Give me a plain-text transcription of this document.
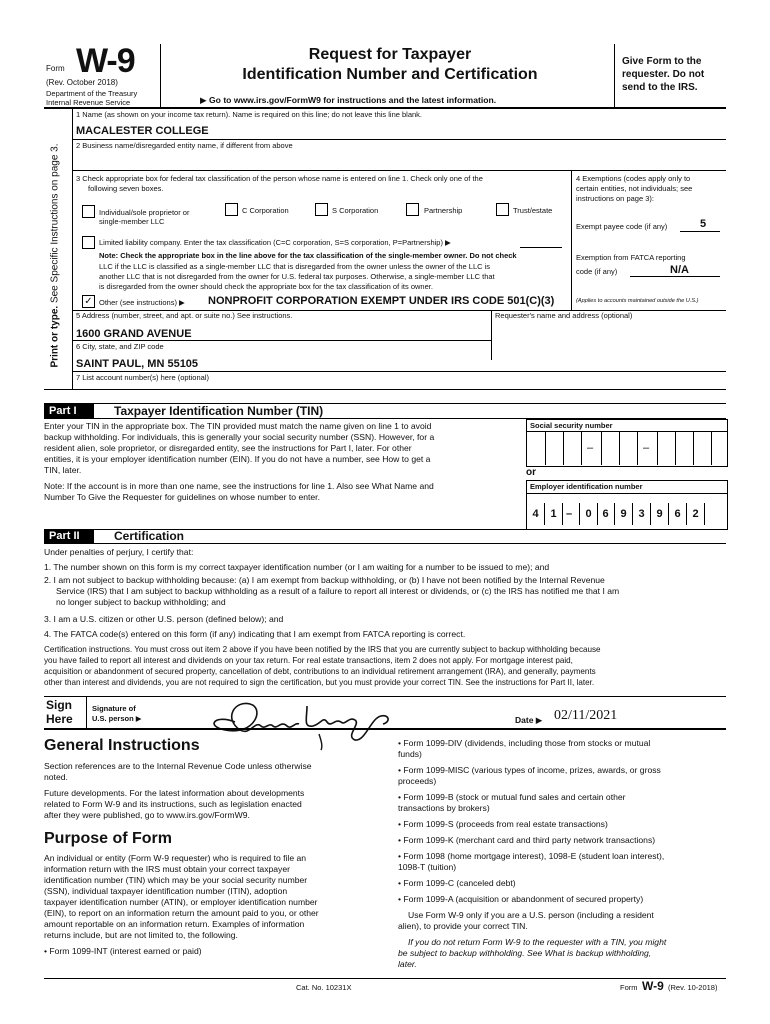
Form W-9
(Rev. October 2018)
Department of the Treasury
Internal Revenue Service
Request for Taxpayer
Identification Number and Certification
▶ Go to www.irs.gov/FormW9 for instructions and the latest information.
Give Form to the
requester. Do not
send to the IRS.
Print or type. See Specific Instructions on page 3.
1 Name (as shown on your income tax return). Name is required on this line; do not leave this line blank.
MACALESTER COLLEGE
2 Business name/disregarded entity name, if different from above
3 Check appropriate box for federal tax classification of the person whose name is entered on line 1. Check only one of the
following seven boxes.
Individual/sole proprietor or
single-member LLC
C Corporation	S Corporation	Partnership	Trust/estate
Limited liability company. Enter the tax classification (C=C corporation, S=S corporation, P=Partnership) ▶
Note: Check the appropriate box in the line above for the tax classification of the single-member owner. Do not check
LLC if the LLC is classified as a single-member LLC that is disregarded from the owner unless the owner of the LLC is
another LLC that is not disregarded from the owner for U.S. federal tax purposes. Otherwise, a single-member LLC that
is disregarded from the owner should check the appropriate box for the tax classification of its owner.
✓ Other (see instructions) ▶ NONPROFIT CORPORATION EXEMPT UNDER IRS CODE 501(C)(3)	(Applies to accounts maintained outside the U.S.)
4 Exemptions (codes apply only to
certain entities, not individuals; see
instructions on page 3):
Exempt payee code (if any)	5
Exemption from FATCA reporting
code (if any)	N/A
5 Address (number, street, and apt. or suite no.) See instructions.	Requester's name and address (optional)
1600 GRAND AVENUE
6 City, state, and ZIP code
SAINT PAUL, MN 55105
7 List account number(s) here (optional)
Part I	Taxpayer Identification Number (TIN)
Enter your TIN in the appropriate box. The TIN provided must match the name given on line 1 to avoid
backup withholding. For individuals, this is generally your social security number (SSN). However, for a
resident alien, sole proprietor, or disregarded entity, see the instructions for Part I, later. For other
entities, it is your employer identification number (EIN). If you do not have a number, see How to get a
TIN, later.
Note: If the account is in more than one name, see the instructions for line 1. Also see What Name and
Number To Give the Requester for guidelines on whose number to enter.
Social security number
–	–
or
Employer identification number
4	1 –	0 6	9	3	9	6	2
Part II	Certification
Under penalties of perjury, I certify that:
1. The number shown on this form is my correct taxpayer identification number (or I am waiting for a number to be issued to me); and
2. I am not subject to backup withholding because: (a) I am exempt from backup withholding, or (b) I have not been notified by the Internal Revenue
Service (IRS) that I am subject to backup withholding as a result of a failure to report all interest or dividends, or (c) the IRS has notified me that I am
no longer subject to backup withholding; and
3. I am a U.S. citizen or other U.S. person (defined below); and
4. The FATCA code(s) entered on this form (if any) indicating that I am exempt from FATCA reporting is correct.
Certification instructions. You must cross out item 2 above if you have been notified by the IRS that you are currently subject to backup withholding because
you have failed to report all interest and dividends on your tax return. For real estate transactions, item 2 does not apply. For mortgage interest paid,
acquisition or abandonment of secured property, cancellation of debt, contributions to an individual retirement arrangement (IRA), and generally, payments
other than interest and dividends, you are not required to sign the certification, but you must provide your correct TIN. See the instructions for Part II, later.
Sign
Here
Signature of
U.S. person ▶	Date ▶ 02/11/2021
General Instructions
Section references are to the Internal Revenue Code unless otherwise
noted.
Future developments. For the latest information about developments
related to Form W-9 and its instructions, such as legislation enacted
after they were published, go to www.irs.gov/FormW9.
Purpose of Form
An individual or entity (Form W-9 requester) who is required to file an
information return with the IRS must obtain your correct taxpayer
identification number (TIN) which may be your social security number
(SSN), individual taxpayer identification number (ITIN), adoption
taxpayer identification number (ATIN), or employer identification number
(EIN), to report on an information return the amount paid to you, or other
amount reportable on an information return. Examples of information
returns include, but are not limited to, the following.
• Form 1099-INT (interest earned or paid)
• Form 1099-DIV (dividends, including those from stocks or mutual
funds)
• Form 1099-MISC (various types of income, prizes, awards, or gross
proceeds)
• Form 1099-B (stock or mutual fund sales and certain other
transactions by brokers)
• Form 1099-S (proceeds from real estate transactions)
• Form 1099-K (merchant card and third party network transactions)
• Form 1098 (home mortgage interest), 1098-E (student loan interest),
1098-T (tuition)
• Form 1099-C (canceled debt)
• Form 1099-A (acquisition or abandonment of secured property)
Use Form W-9 only if you are a U.S. person (including a resident
alien), to provide your correct TIN.
If you do not return Form W-9 to the requester with a TIN, you might
be subject to backup withholding. See What is backup withholding,
later.
Cat. No. 10231X	Form W-9 (Rev. 10-2018)
